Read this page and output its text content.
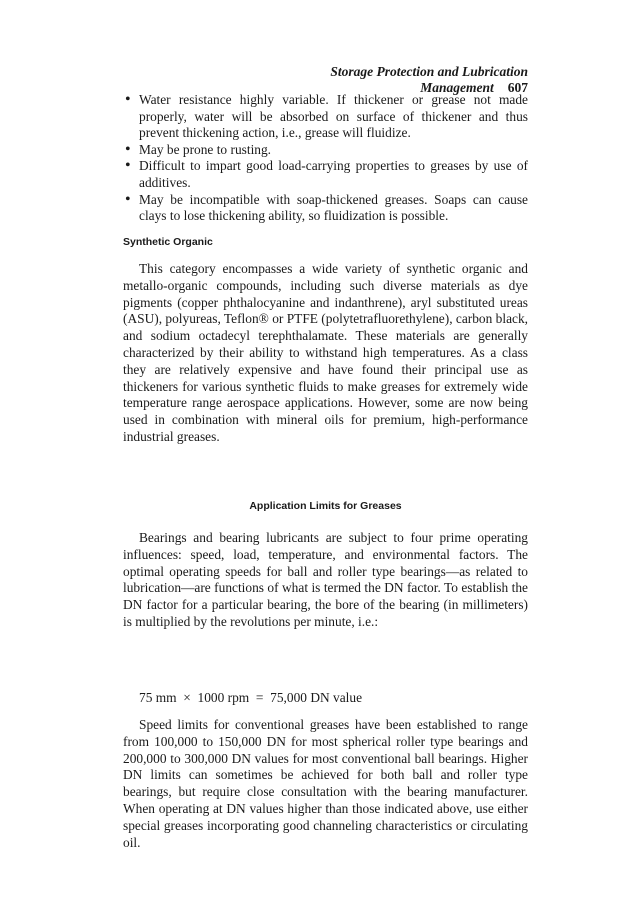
Storage Protection and Lubrication Management 607
• Water resistance highly variable. If thickener or grease not made properly, water will be absorbed on surface of thickener and thus prevent thickening action, i.e., grease will fluidize.
• May be prone to rusting.
• Difficult to impart good load-carrying properties to greases by use of additives.
• May be incompatible with soap-thickened greases. Soaps can cause clays to lose thickening ability, so fluidization is possible.
Synthetic Organic

This category encompasses a wide variety of synthetic organic and metallo-organic compounds, including such diverse materials as dye pigments (copper phthalocyanine and indanthrene), aryl substituted ureas (ASU), polyureas, Teflon® or PTFE (polytetrafluorethylene), carbon black, and sodium octadecyl terephthalamate. These materials are generally characterized by their ability to withstand high temperatures. As a class they are relatively expensive and have found their principal use as thickeners for various synthetic fluids to make greases for extremely wide temperature range aerospace applications. However, some are now being used in combination with mineral oils for premium, high-performance industrial greases.

Application Limits for Greases

Bearings and bearing lubricants are subject to four prime operating influences: speed, load, temperature, and environmental factors. The optimal operating speeds for ball and roller type bearings—as related to lubrication—are functions of what is termed the DN factor. To establish the DN factor for a particular bearing, the bore of the bearing (in millimeters) is multiplied by the revolutions per minute, i.e.:

75 mm  ×  1000 rpm  =  75,000 DN value

Speed limits for conventional greases have been established to range from 100,000 to 150,000 DN for most spherical roller type bearings and 200,000 to 300,000 DN values for most conventional ball bearings. Higher DN limits can sometimes be achieved for both ball and roller type bearings, but require close consultation with the bearing manufacturer. When operating at DN values higher than those indicated above, use either special greases incorporating good channeling characteristics or circulating oil.
